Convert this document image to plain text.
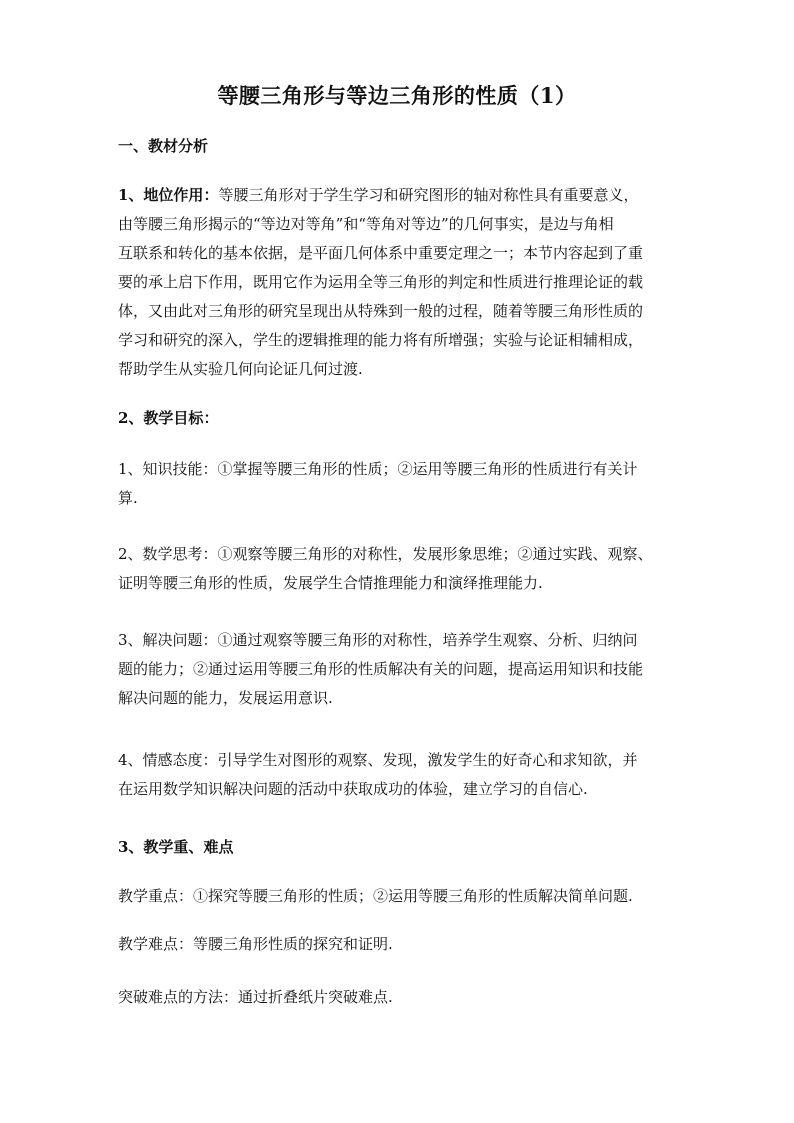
等腰三角形与等边三角形的性质（1）
一、教材分析
1、地位作用：等腰三角形对于学生学习和研究图形的轴对称性具有重要意义，
由等腰三角形揭示的“等边对等角”和“等角对等边”的几何事实，是边与角相
互联系和转化的基本依据，是平面几何体系中重要定理之一；本节内容起到了重
要的承上启下作用，既用它作为运用全等三角形的判定和性质进行推理论证的载
体，又由此对三角形的研究呈现出从特殊到一般的过程，随着等腰三角形性质的
学习和研究的深入，学生的逻辑推理的能力将有所增强；实验与论证相辅相成，
帮助学生从实验几何向论证几何过渡.
2、教学目标：
1、知识技能：①掌握等腰三角形的性质；②运用等腰三角形的性质进行有关计
算.
2、数学思考：①观察等腰三角形的对称性，发展形象思维；②通过实践、观察、
证明等腰三角形的性质，发展学生合情推理能力和演绎推理能力.
3、解决问题：①通过观察等腰三角形的对称性，培养学生观察、分析、归纳问
题的能力；②通过运用等腰三角形的性质解决有关的问题，提高运用知识和技能
解决问题的能力，发展运用意识.
4、情感态度：引导学生对图形的观察、发现，激发学生的好奇心和求知欲，并
在运用数学知识解决问题的活动中获取成功的体验，建立学习的自信心.
3、教学重、难点
教学重点：①探究等腰三角形的性质；②运用等腰三角形的性质解决简单问题.
教学难点：等腰三角形性质的探究和证明.
突破难点的方法：通过折叠纸片突破难点.
